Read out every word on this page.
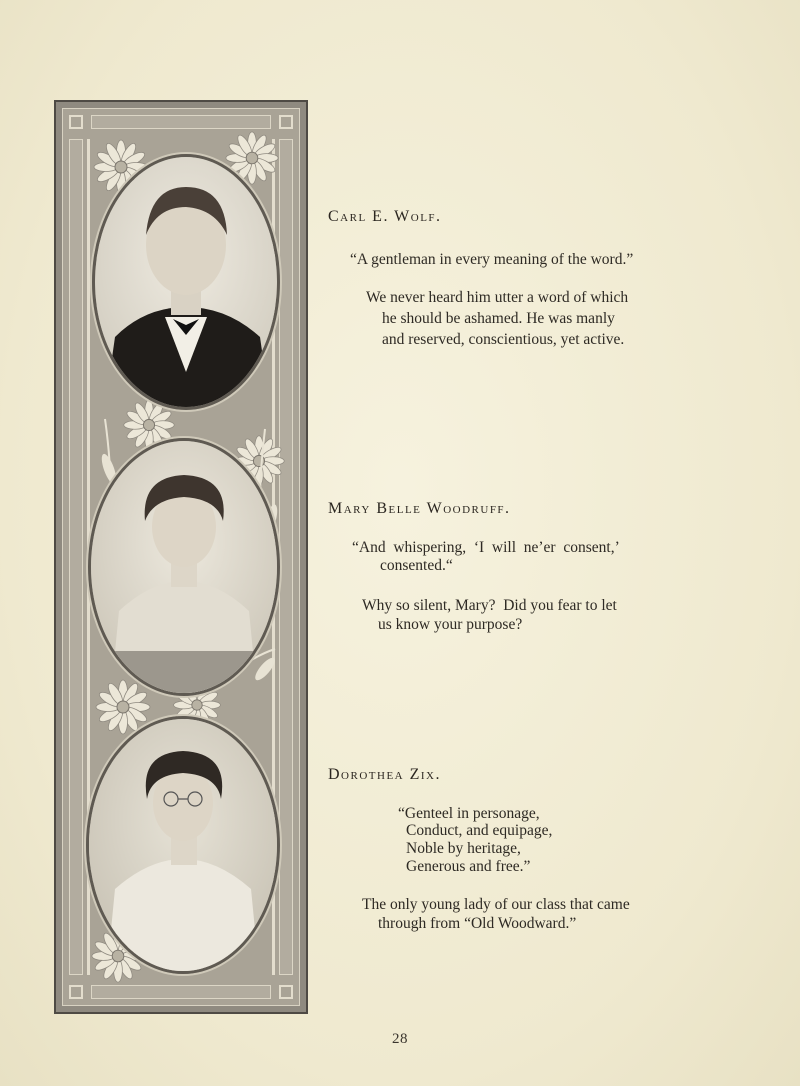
Carl E. Wolf.
“A gentleman in every meaning of the word.”
We never heard him utter a word of which
he should be ashamed. He was manly
and reserved, conscientious, yet active.
Mary Belle Woodruff.
“And  whispering,  ‘I  will  ne’er  consent,’
consented.“
Why so silent, Mary?  Did you fear to let
us know your purpose?
Dorothea Zix.
“Genteel in personage,
Conduct, and equipage,
Noble by heritage,
Generous and free.”
The only young lady of our class that came
through from “Old Woodward.”
28
